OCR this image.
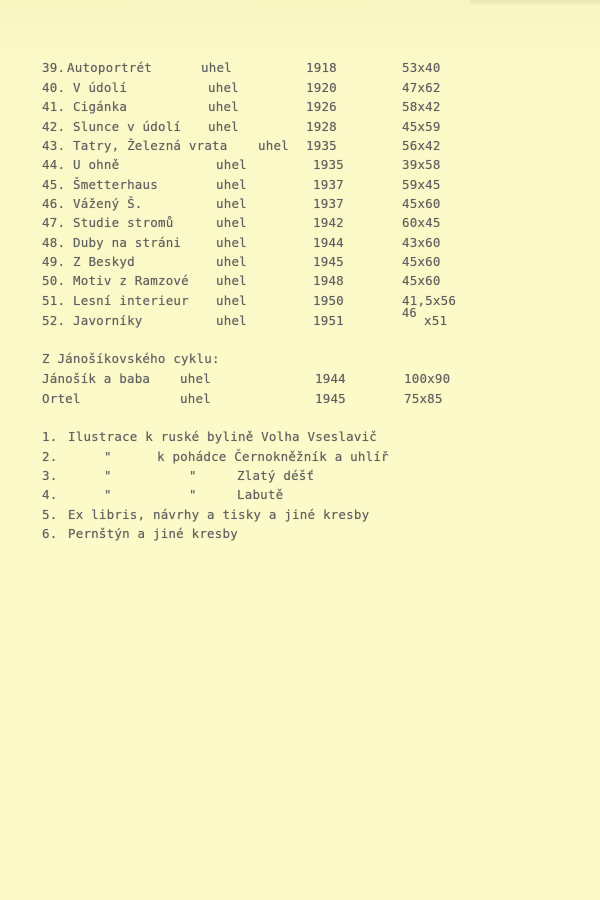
39. Autoportrét	uhel	1918	53x40
40. V údolí	uhel	1920	47x62
41. Cigánka	uhel	1926	58x42
42. Slunce v údolí uhel	1928	45x59
43. Tatry, Železná vrata uhel 1935	56x42
44. U ohně	uhel	1935	39x58
45. Šmetterhaus	uhel	1937	59x45
46. Vážený Š.	uhel	1937	45x60
47. Studie stromů	uhel	1942	60x45
48. Duby na stráni	uhel	1944	43x60
49. Z Beskyd	uhel	1945	45x60
50. Motiv z Ramzové uhel	1948	45x60
51. Lesní interieur uhel	1950	41,5x56
52. Javorníky	uhel	1951	46 x51
Z Jánošíkovského cyklu:
Jánošík a baba uhel	1944	100x90
Ortel	uhel	1945	75x85
1. Ilustrace k ruské bylině Volha Vseslavič
2.	"	k pohádce Černokněžník a uhlíř
3.	"	"	Zlatý déšť
4.	"	"	Labutě
5. Ex libris, návrhy a tisky a jiné kresby
6. Pernštýn a jiné kresby
